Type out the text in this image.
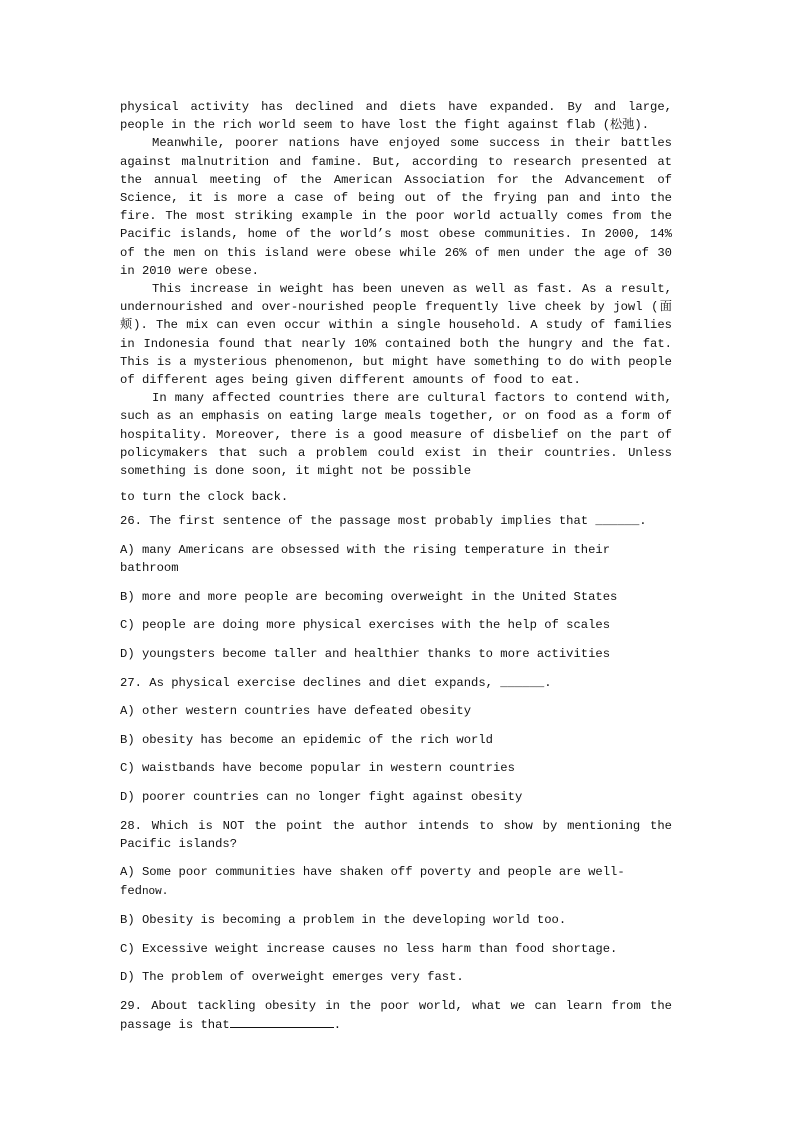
physical activity has declined and diets have expanded. By and large, people in the rich world seem to have lost the fight against flab (松弛).

Meanwhile, poorer nations have enjoyed some success in their battles against malnutrition and famine. But, according to research presented at the annual meeting of the American Association for the Advancement of Science, it is more a case of being out of the frying pan and into the fire. The most striking example in the poor world actually comes from the Pacific islands, home of the world’s most obese communities. In 2000, 14% of the men on this island were obese while 26% of men under the age of 30 in 2010 were obese.

This increase in weight has been uneven as well as fast. As a result, undernourished and over-nourished people frequently live cheek by jowl (面颊). The mix can even occur within a single household. A study of families in Indonesia found that nearly 10% contained both the hungry and the fat. This is a mysterious phenomenon, but might have something to do with people of different ages being given different amounts of food to eat.

In many affected countries there are cultural factors to contend with, such as an emphasis on eating large meals together, or on food as a form of hospitality. Moreover, there is a good measure of disbelief on the part of policymakers that such a problem could exist in their countries. Unless something is done soon, it might not be possible

to turn the clock back.

26. The first sentence of the passage most probably implies that ______.

A) many Americans are obsessed with the rising temperature in their bathroom

B) more and more people are becoming overweight in the United States

C) people are doing more physical exercises with the help of scales

D) youngsters become taller and healthier thanks to more activities

27. As physical exercise declines and diet expands, ______.

A) other western countries have defeated obesity

B) obesity has become an epidemic of the rich world

C) waistbands have become popular in western countries

D) poorer countries can no longer fight against obesity

28. Which is NOT the point the author intends to show by mentioning the Pacific islands?

A) Some poor communities have shaken off poverty and people are well-fednow.

B) Obesity is becoming a problem in the developing world too.

C) Excessive weight increase causes no less harm than food shortage.

D) The problem of overweight emerges very fast.

29. About tackling obesity in the poor world, what we can learn from the passage is that	.
